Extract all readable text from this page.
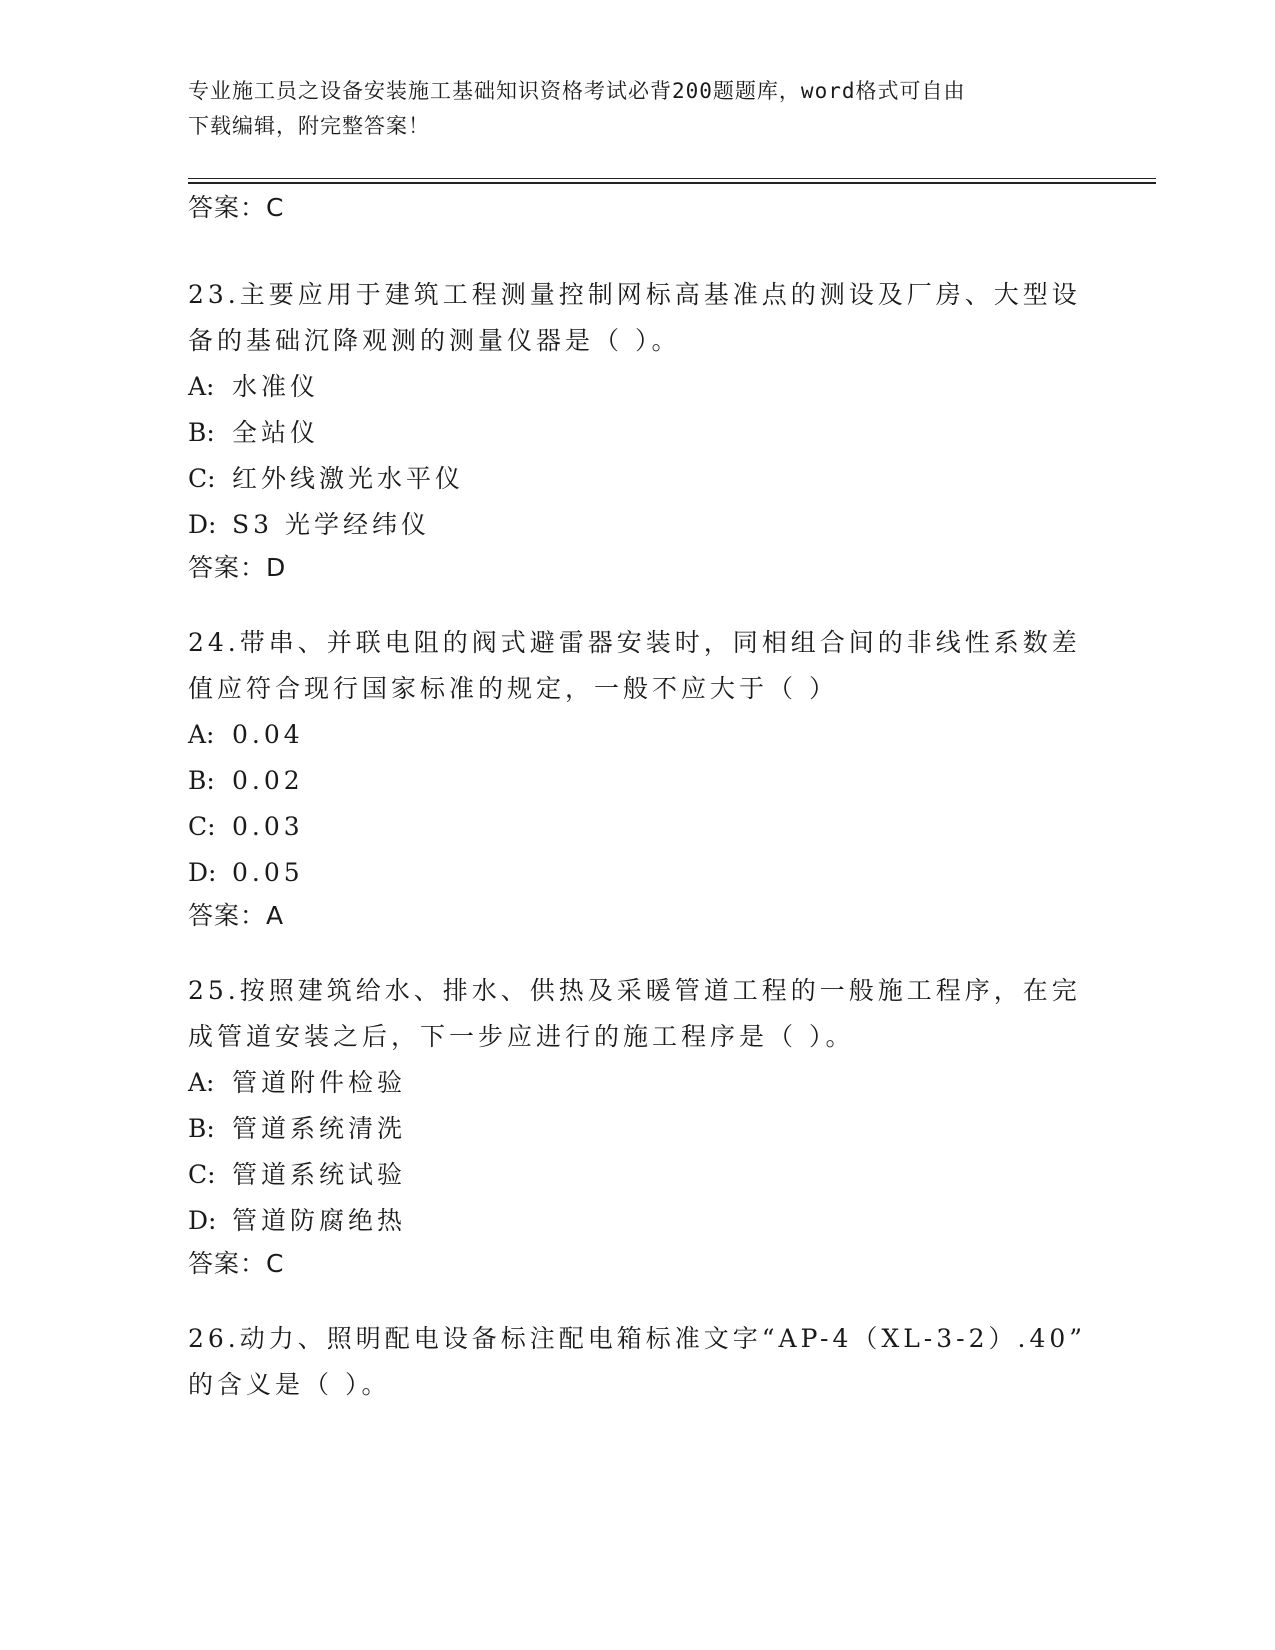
专业施工员之设备安装施工基础知识资格考试必背200题题库，word格式可自由
下载编辑，附完整答案！
答案：C
23.主要应用于建筑工程测量控制网标高基准点的测设及厂房、大型设
备的基础沉降观测的测量仪器是（ ）。
A: 水准仪
B: 全站仪
C: 红外线激光水平仪
D: S3 光学经纬仪
答案：D
24.带串、并联电阻的阀式避雷器安装时，同相组合间的非线性系数差
值应符合现行国家标准的规定，一般不应大于（ ）
A: 0.04
B: 0.02
C: 0.03
D: 0.05
答案：A
25.按照建筑给水、排水、供热及采暖管道工程的一般施工程序，在完
成管道安装之后，下一步应进行的施工程序是（ ）。
A: 管道附件检验
B: 管道系统清洗
C: 管道系统试验
D: 管道防腐绝热
答案：C
26.动力、照明配电设备标注配电箱标准文字“AP-4（XL-3-2）.40”
的含义是（ ）。
